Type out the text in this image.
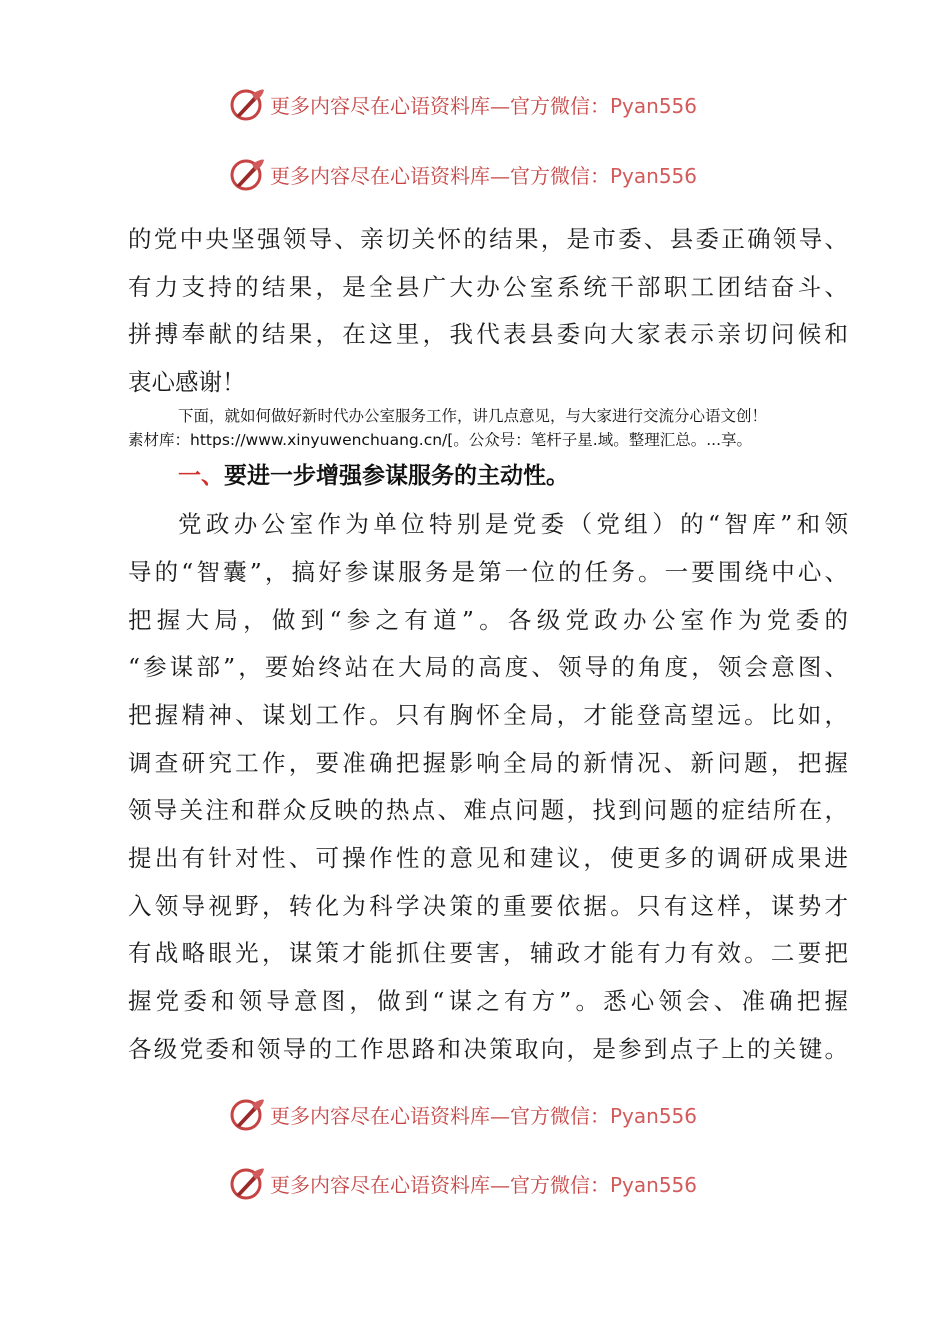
更多内容尽在心语资料库—官方微信：Pyan556
更多内容尽在心语资料库—官方微信：Pyan556
的党中央坚强领导、亲切关怀的结果，是市委、县委正确领导、
有力支持的结果，是全县广大办公室系统干部职工团结奋斗、
拼搏奉献的结果，在这里，我代表县委向大家表示亲切问候和
衷心感谢！
下面，就如何做好新时代办公室服务工作，讲几点意见，与大家进行交流分心语文创！
素材库：https://www.xinyuwenchuang.cn/[。公众号：笔杆子星.域。整理汇总。...享。
一、要进一步增强参谋服务的主动性。
党政办公室作为单位特别是党委（党组）的“智库”和领
导的“智囊”，搞好参谋服务是第一位的任务。一要围绕中心、
把握大局，做到“参之有道”。各级党政办公室作为党委的
“参谋部”，要始终站在大局的高度、领导的角度，领会意图、
把握精神、谋划工作。只有胸怀全局，才能登高望远。比如，
调查研究工作，要准确把握影响全局的新情况、新问题，把握
领导关注和群众反映的热点、难点问题，找到问题的症结所在，
提出有针对性、可操作性的意见和建议，使更多的调研成果进
入领导视野，转化为科学决策的重要依据。只有这样，谋势才
有战略眼光，谋策才能抓住要害，辅政才能有力有效。二要把
握党委和领导意图，做到“谋之有方”。悉心领会、准确把握
各级党委和领导的工作思路和决策取向，是参到点子上的关键。
更多内容尽在心语资料库—官方微信：Pyan556
更多内容尽在心语资料库—官方微信：Pyan556
